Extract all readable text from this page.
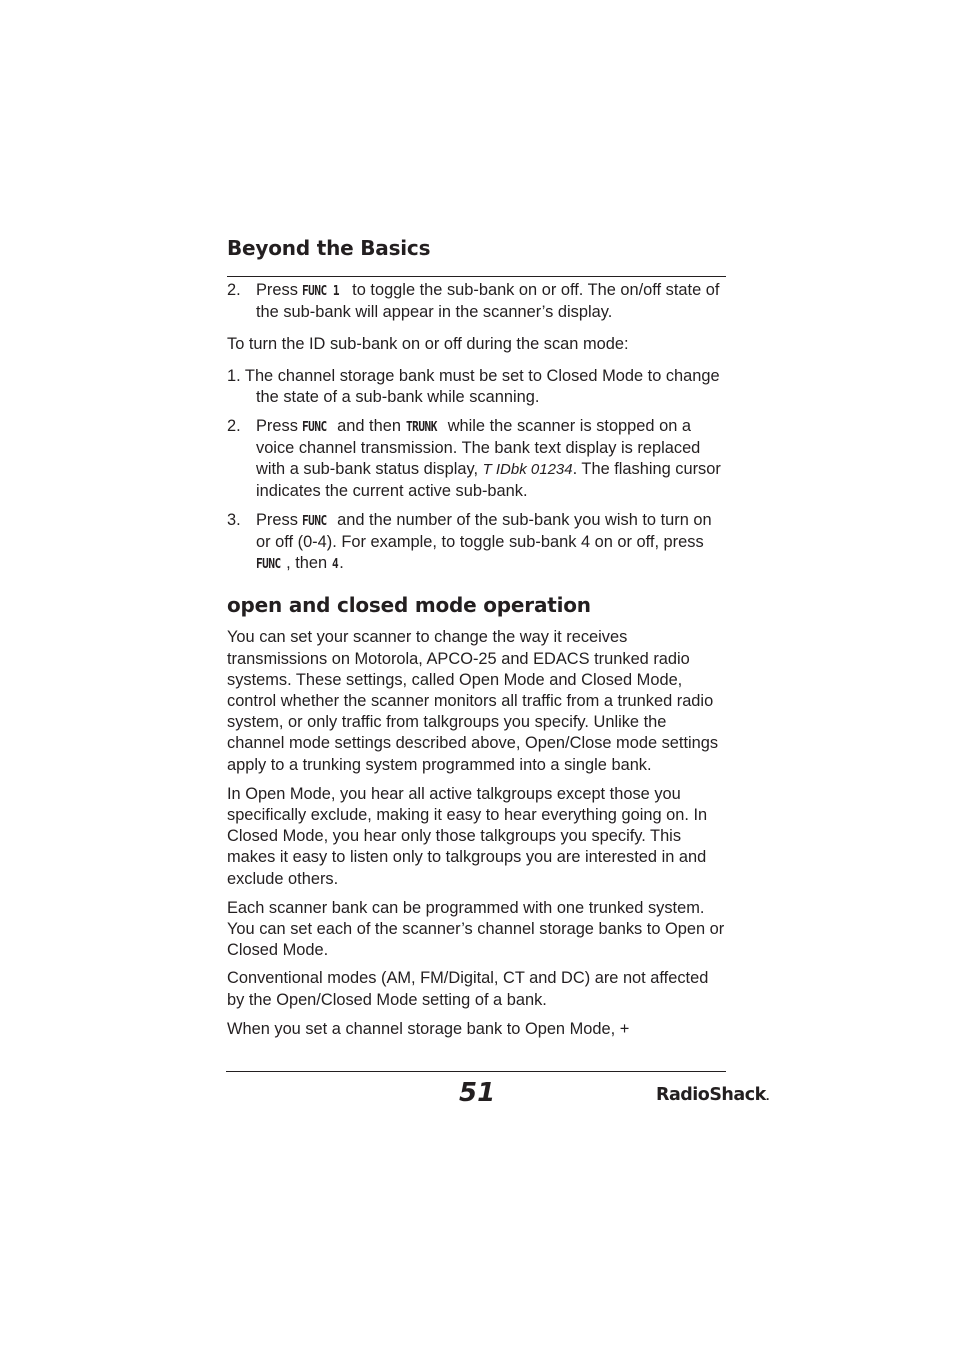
Beyond the Basics

2. Press FUNC 1 to toggle the sub-bank on or off. The on/off state of the sub-bank will appear in the scanner’s display.

To turn the ID sub-bank on or off during the scan mode:

1. The channel storage bank must be set to Closed Mode to change the state of a sub-bank while scanning.

2. Press FUNC and then TRUNK while the scanner is stopped on a voice channel transmission. The bank text display is replaced with a sub-bank status display, T IDbk 01234. The flashing cursor indicates the current active sub-bank.

3. Press FUNC and the number of the sub-bank you wish to turn on or off (0-4). For example, to toggle sub-bank 4 on or off, press FUNC , then 4.

open and closed mode operation

You can set your scanner to change the way it receives transmissions on Motorola, APCO-25 and EDACS trunked radio systems. These settings, called Open Mode and Closed Mode, control whether the scanner monitors all traffic from a trunked radio system, or only traffic from talkgroups you specify. Unlike the channel mode settings described above, Open/Close mode settings apply to a trunking system programmed into a single bank.

In Open Mode, you hear all active talkgroups except those you specifically exclude, making it easy to hear everything going on. In Closed Mode, you hear only those talkgroups you specify. This makes it easy to listen only to talkgroups you are interested in and exclude others.

Each scanner bank can be programmed with one trunked system. You can set each of the scanner’s channel storage banks to Open or Closed Mode.

Conventional modes (AM, FM/Digital, CT and DC) are not affected by the Open/Closed Mode setting of a bank.

When you set a channel storage bank to Open Mode, +

51	RadioShack.
